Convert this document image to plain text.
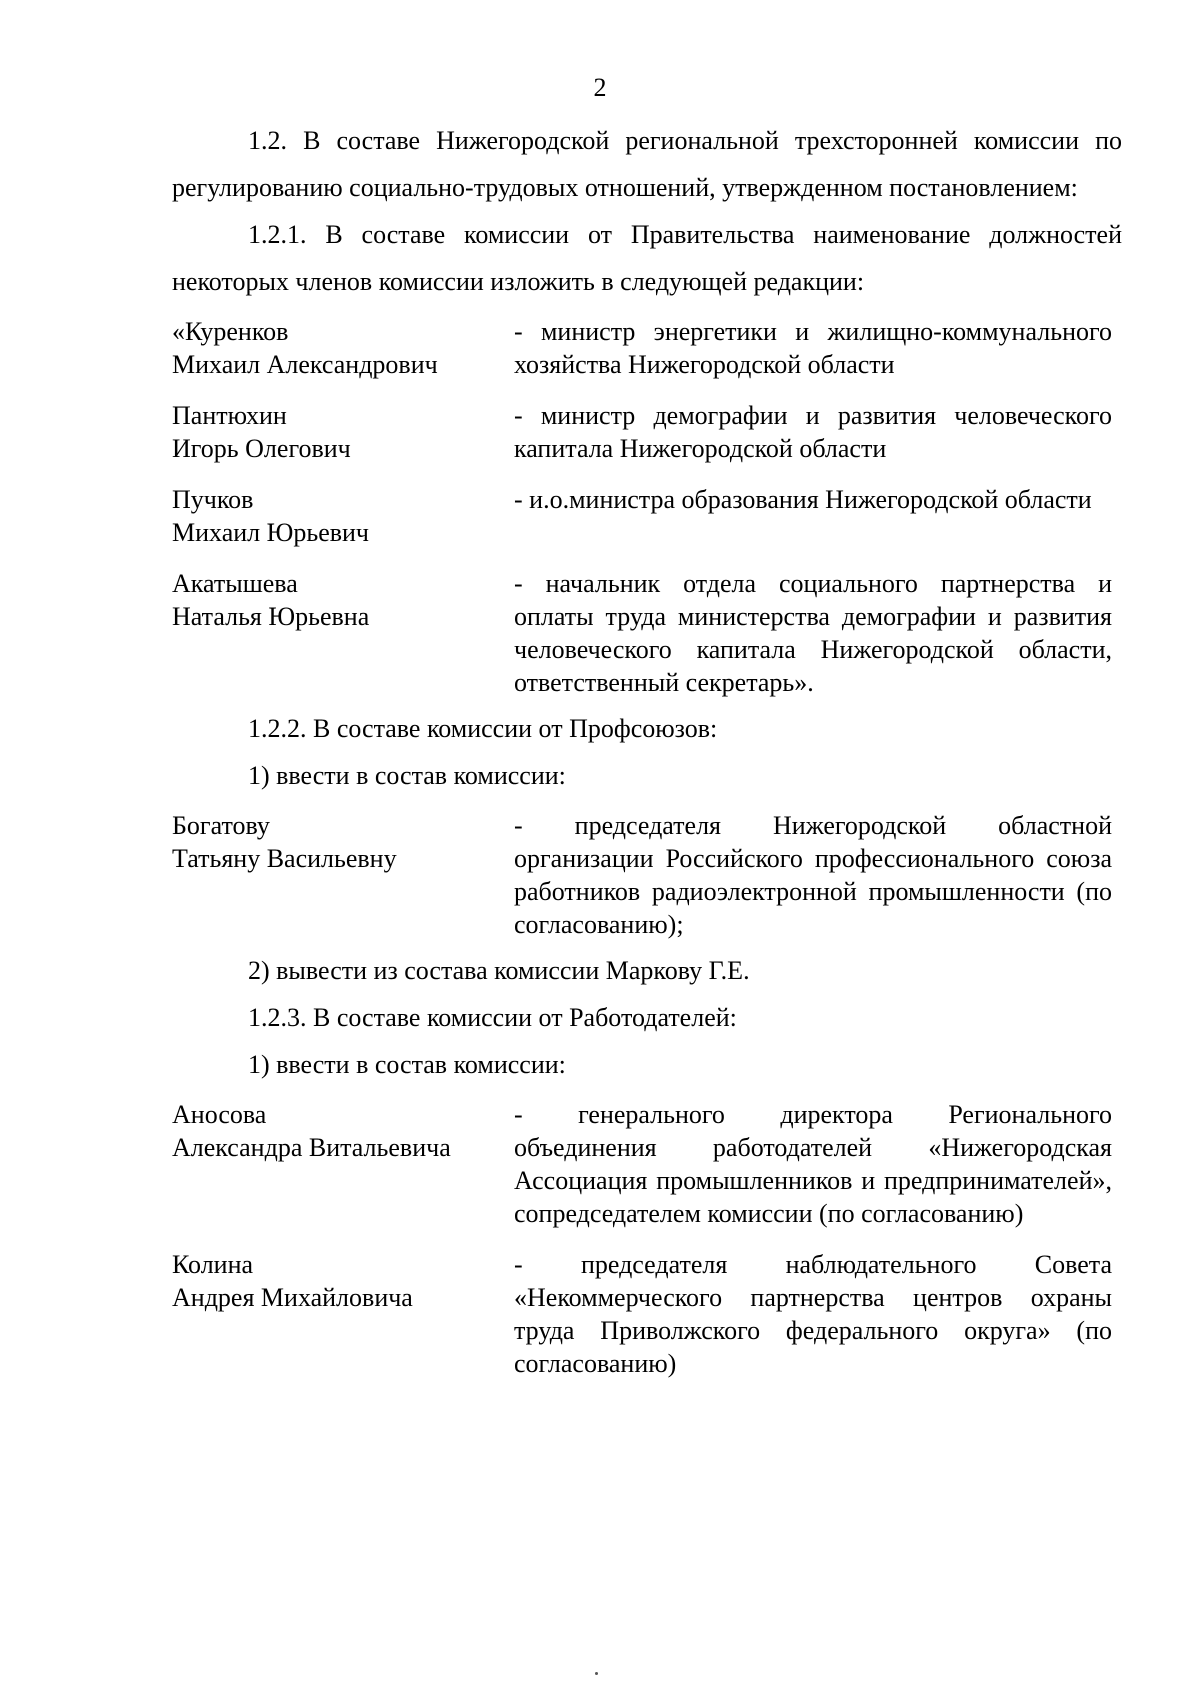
2

1.2. В составе Нижегородской региональной трехсторонней комиссии по регулированию социально-трудовых отношений, утвержденном постановлением:

1.2.1. В составе комиссии от Правительства наименование должностей некоторых членов комиссии изложить в следующей редакции:

«Куренков
Михаил Александрович
- министр энергетики и жилищно-коммунального хозяйства Нижегородской области
Пантюхин
Игорь Олегович
- министр демографии и развития человеческого капитала Нижегородской области
Пучков
Михаил Юрьевич
- и.о.министра образования Нижегородской области
Акатышева
Наталья Юрьевна
- начальник отдела социального партнерства и оплаты труда министерства демографии и развития человеческого капитала Нижегородской области, ответственный секретарь».

1.2.2. В составе комиссии от Профсоюзов:

1) ввести в состав комиссии:

Богатову
Татьяну Васильевну
- председателя Нижегородской областной организации Российского профессионального союза работников радиоэлектронной промышленности (по согласованию);

2) вывести из состава комиссии Маркову Г.Е.

1.2.3. В составе комиссии от Работодателей:

1) ввести в состав комиссии:

Аносова
Александра Витальевича
- генерального директора Регионального объединения работодателей «Нижегородская Ассоциация промышленников и предпринимателей», сопредседателем комиссии (по согласованию)
Колина
Андрея Михайловича
- председателя наблюдательного Совета «Некоммерческого партнерства центров охраны труда Приволжского федерального округа» (по согласованию)
